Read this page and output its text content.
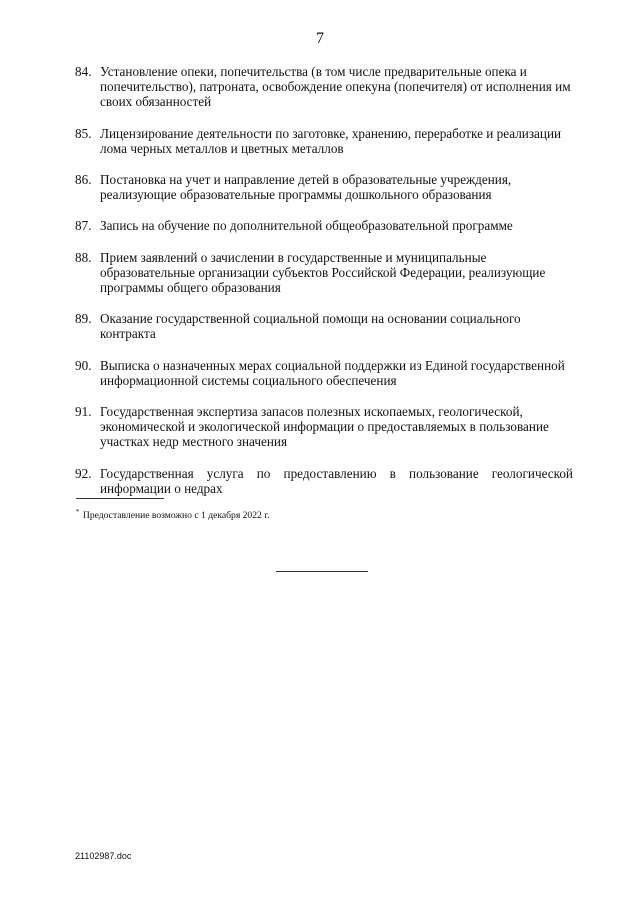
7
84. Установление опеки, попечительства (в том числе предварительные опека и попечительство), патроната, освобождение опекуна (попечителя) от исполнения им своих обязанностей
85. Лицензирование деятельности по заготовке, хранению, переработке и реализации лома черных металлов и цветных металлов
86. Постановка на учет и направление детей в образовательные учреждения, реализующие образовательные программы дошкольного образования
87. Запись на обучение по дополнительной общеобразовательной программе
88. Прием заявлений о зачислении в государственные и муниципальные образовательные организации субъектов Российской Федерации, реализующие программы общего образования
89. Оказание государственной социальной помощи на основании социального контракта
90. Выписка о назначенных мерах социальной поддержки из Единой государственной информационной системы социального обеспечения
91. Государственная экспертиза запасов полезных ископаемых, геологической, экономической и экологической информации о предоставляемых в пользование участках недр местного значения
92. Государственная услуга по предоставлению в пользование геологической информации о недрах
* Предоставление возможно с 1 декабря 2022 г.
21102987.doc
